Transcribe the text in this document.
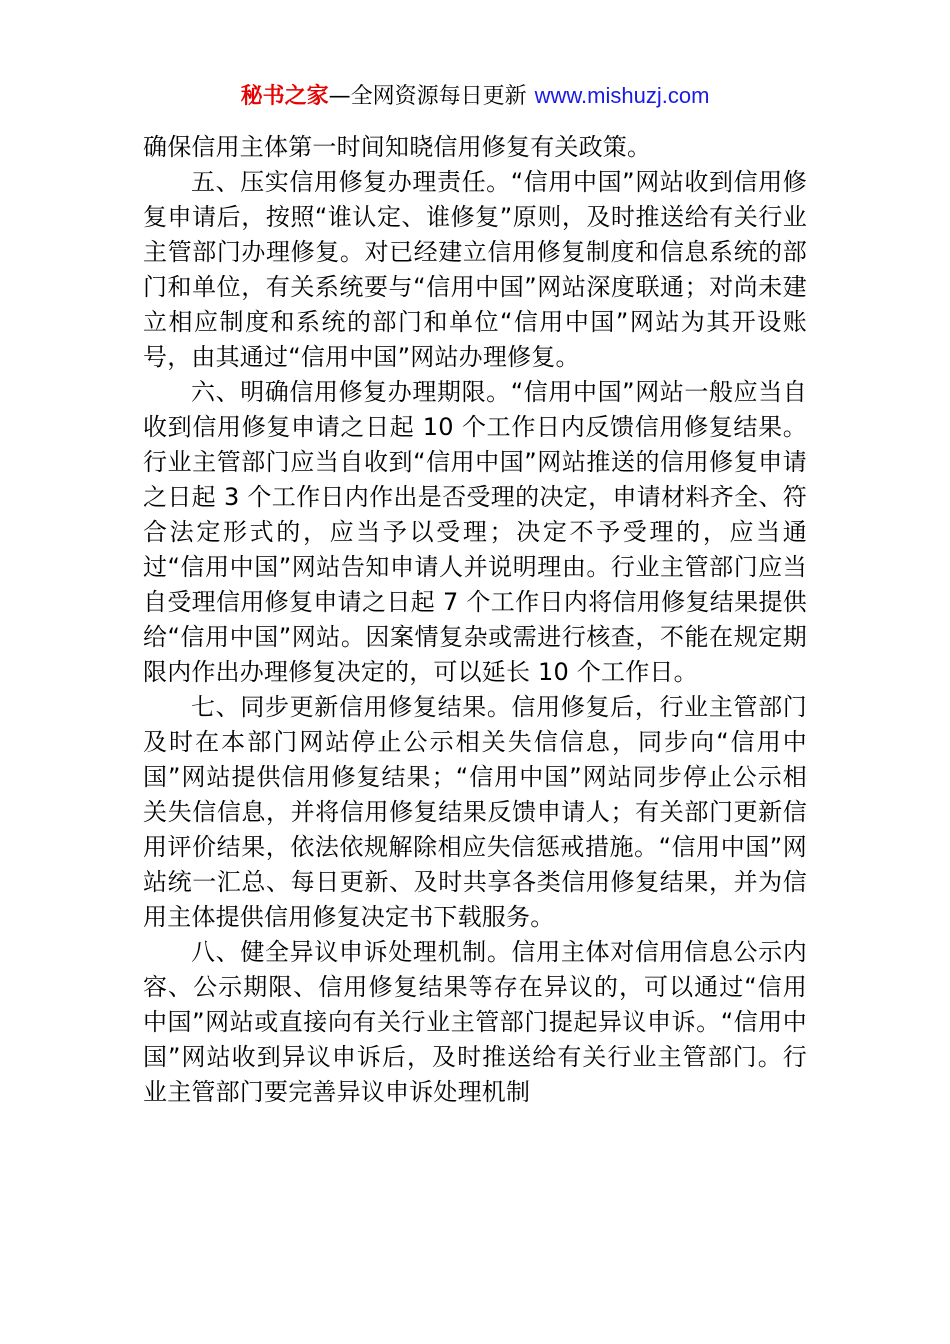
秘书之家—全网资源每日更新 www.mishuzj.com

确保信用主体第一时间知晓信用修复有关政策。

五、压实信用修复办理责任。“信用中国”网站收到信用修复申请后，按照“谁认定、谁修复”原则，及时推送给有关行业主管部门办理修复。对已经建立信用修复制度和信息系统的部门和单位，有关系统要与“信用中国”网站深度联通；对尚未建立相应制度和系统的部门和单位“信用中国”网站为其开设账号，由其通过“信用中国”网站办理修复。

六、明确信用修复办理期限。“信用中国”网站一般应当自收到信用修复申请之日起 10 个工作日内反馈信用修复结果。行业主管部门应当自收到“信用中国”网站推送的信用修复申请之日起 3 个工作日内作出是否受理的决定，申请材料齐全、符合法定形式的，应当予以受理；决定不予受理的，应当通过“信用中国”网站告知申请人并说明理由。行业主管部门应当自受理信用修复申请之日起 7 个工作日内将信用修复结果提供给“信用中国”网站。因案情复杂或需进行核查，不能在规定期限内作出办理修复决定的，可以延长 10 个工作日。

七、同步更新信用修复结果。信用修复后，行业主管部门及时在本部门网站停止公示相关失信信息，同步向“信用中国”网站提供信用修复结果；“信用中国”网站同步停止公示相关失信信息，并将信用修复结果反馈申请人；有关部门更新信用评价结果，依法依规解除相应失信惩戒措施。“信用中国”网站统一汇总、每日更新、及时共享各类信用修复结果，并为信用主体提供信用修复决定书下载服务。

八、健全异议申诉处理机制。信用主体对信用信息公示内容、公示期限、信用修复结果等存在异议的，可以通过“信用中国”网站或直接向有关行业主管部门提起异议申诉。“信用中国”网站收到异议申诉后，及时推送给有关行业主管部门。行业主管部门要完善异议申诉处理机制
